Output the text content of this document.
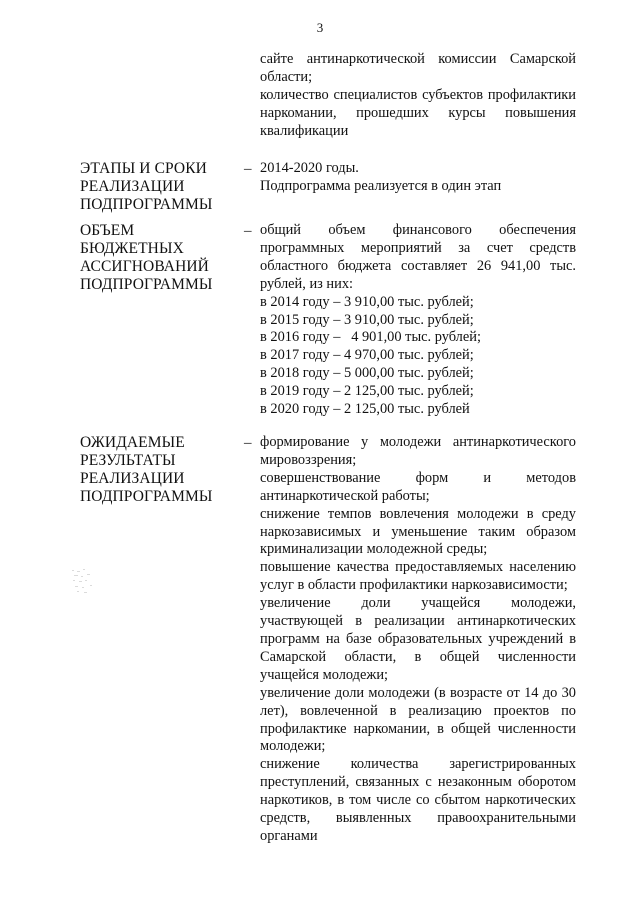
3
сайте антинаркотической комиссии Самарской области;
количество специалистов субъектов профилактики наркомании, прошедших курсы повышения квалификации
ЭТАПЫ И СРОКИ
РЕАЛИЗАЦИИ
ПОДПРОГРАММЫ
– 2014-2020 годы.
Подпрограмма реализуется в один этап
ОБЪЕМ
БЮДЖЕТНЫХ
АССИГНОВАНИЙ
ПОДПРОГРАММЫ
– общий объем финансового обеспечения программных мероприятий за счет средств областного бюджета составляет 26 941,00 тыс. рублей, из них:
в 2014 году – 3 910,00 тыс. рублей;
в 2015 году – 3 910,00 тыс. рублей;
в 2016 году –   4 901,00 тыс. рублей;
в 2017 году – 4 970,00 тыс. рублей;
в 2018 году – 5 000,00 тыс. рублей;
в 2019 году – 2 125,00 тыс. рублей;
в 2020 году – 2 125,00 тыс. рублей
ОЖИДАЕМЫЕ
РЕЗУЛЬТАТЫ
РЕАЛИЗАЦИИ
ПОДПРОГРАММЫ
– формирование у молодежи антинаркотического мировоззрения;
совершенствование форм и методов антинаркотической работы;
снижение темпов вовлечения молодежи в среду наркозависимых и уменьшение таким образом криминализации молодежной среды;
повышение качества предоставляемых населению услуг в области профилактики наркозависимости;
увеличение доли учащейся молодежи, участвующей в реализации антинаркотических программ на базе образовательных учреждений в Самарской области, в общей численности учащейся молодежи;
увеличение доли молодежи (в возрасте от 14 до 30 лет), вовлеченной в реализацию проектов по профилактике наркомании, в общей численности молодежи;
снижение количества зарегистрированных преступлений, связанных с незаконным оборотом наркотиков, в том числе со сбытом наркотических средств, выявленных правоохранительными органами
